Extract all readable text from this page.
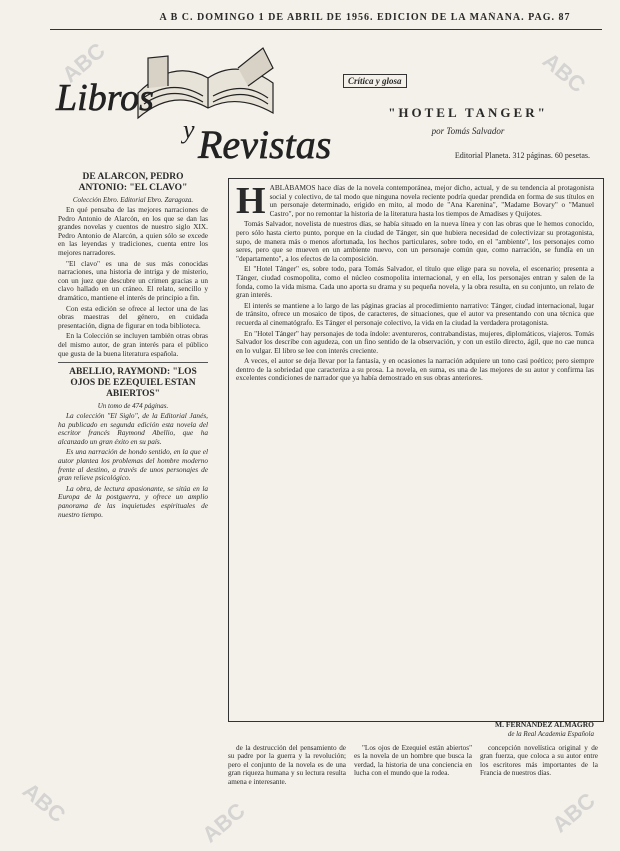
ABC	ABC
ABC	ABC	ABC
A B C. DOMINGO 1 DE ABRIL DE 1956. EDICION DE LA MAÑANA. PAG. 87
Libros
y Revistas
Crítica y glosa
"HOTEL TANGER"
por Tomás Salvador
Editorial Planeta. 312 páginas. 60 pesetas.
DE ALARCON, PEDRO ANTONIO: "EL CLAVO"
Colección Ebro. Editorial Ebro. Zaragoza.

En qué pensaba de las mejores narraciones de Pedro Antonio de Alarcón, en los que se dan las grandes novelas y cuentos de nuestro siglo XIX. Pedro Antonio de Alarcón, a quien sólo se excede en las leyendas y tradiciones, cuenta entre los mejores narradores.

"El clavo" es una de sus más conocidas narraciones, una historia de intriga y de misterio, con un juez que descubre un crimen gracias a un clavo hallado en un cráneo. El relato, sencillo y dramático, mantiene el interés de principio a fin.

Con esta edición se ofrece al lector una de las obras maestras del género, en cuidada presentación, digna de figurar en toda biblioteca.

En la Colección se incluyen también otras obras del mismo autor, de gran interés para el público que gusta de la buena literatura española.

ABELLIO, RAYMOND: "LOS OJOS DE EZEQUIEL ESTAN ABIERTOS"
Un tomo de 474 páginas.

La colección "El Siglo", de la Editorial Janés, ha publicado en segunda edición esta novela del escritor francés Raymond Abellio, que ha alcanzado un gran éxito en su país.

Es una narración de hondo sentido, en la que el autor plantea los problemas del hombre moderno frente al destino, a través de unos personajes de gran relieve psicológico.

La obra, de lectura apasionante, se sitúa en la Europa de la postguerra, y ofrece un amplio panorama de las inquietudes espirituales de nuestro tiempo.

H ABLÁBAMOS hace días de la novela contemporánea, mejor dicho, actual, y de su tendencia al protagonista social y colectivo, de tal modo que ninguna novela reciente podría quedar prendida en forma de sus títulos en un personaje determinado, erigido en mito, al modo de "Ana Karenina", "Madame Bovary" o "Manuel Castro", por no remontar la historia de la literatura hasta los tiempos de Amadises y Quijotes.

Tomás Salvador, novelista de nuestros días, se había situado en la nueva línea y con las obras que le hemos conocido, pero sólo hasta cierto punto, porque en la ciudad de Tánger, sin que hubiera necesidad de colectivizar su protagonista, supo, de manera más o menos afortunada, los hechos particulares, sobre todo, en el "ambiente", los personajes como seres, pero que se mueven en un ambiente nuevo, con un personaje común que, como narración, se fundía en un "departamento", a los efectos de la composición.

El "Hotel Tánger" es, sobre todo, para Tomás Salvador, el título que elige para su novela, el escenario; presenta a Tánger, ciudad cosmopolita, como el núcleo cosmopolita internacional, y en ella, los personajes entran y salen de la fonda, como la vida misma. Cada uno aporta su drama y su pequeña novela, y la obra resulta, en su conjunto, un relato de gran interés.

El interés se mantiene a lo largo de las páginas gracias al procedimiento narrativo: Tánger, ciudad internacional, lugar de tránsito, ofrece un mosaico de tipos, de caracteres, de situaciones, que el autor va presentando con una técnica que recuerda al cinematógrafo. Es Tánger el personaje colectivo, la vida en la ciudad la verdadera protagonista.

En "Hotel Tánger" hay personajes de toda índole: aventureros, contrabandistas, mujeres, diplomáticos, viajeros. Tomás Salvador los describe con agudeza, con un fino sentido de la observación, y con un estilo directo, ágil, que no cae nunca en lo vulgar. El libro se lee con interés creciente.

A veces, el autor se deja llevar por la fantasía, y en ocasiones la narración adquiere un tono casi poético; pero siempre dentro de la sobriedad que caracteriza a su prosa. La novela, en suma, es una de las mejores de su autor y confirma las excelentes condiciones de narrador que ya había demostrado en sus obras anteriores.

M. FERNANDEZ ALMAGRO
de la Real Academia Española

de la destrucción del pensamiento de su padre por la guerra y la revolución; pero el conjunto de la novela es de una gran riqueza humana y su lectura resulta amena e interesante.

"Los ojos de Ezequiel están abiertos" es la novela de un hombre que busca la verdad, la historia de una conciencia en lucha con el mundo que la rodea.

concepción novelística original y de gran fuerza, que coloca a su autor entre los escritores más importantes de la Francia de nuestros días.
